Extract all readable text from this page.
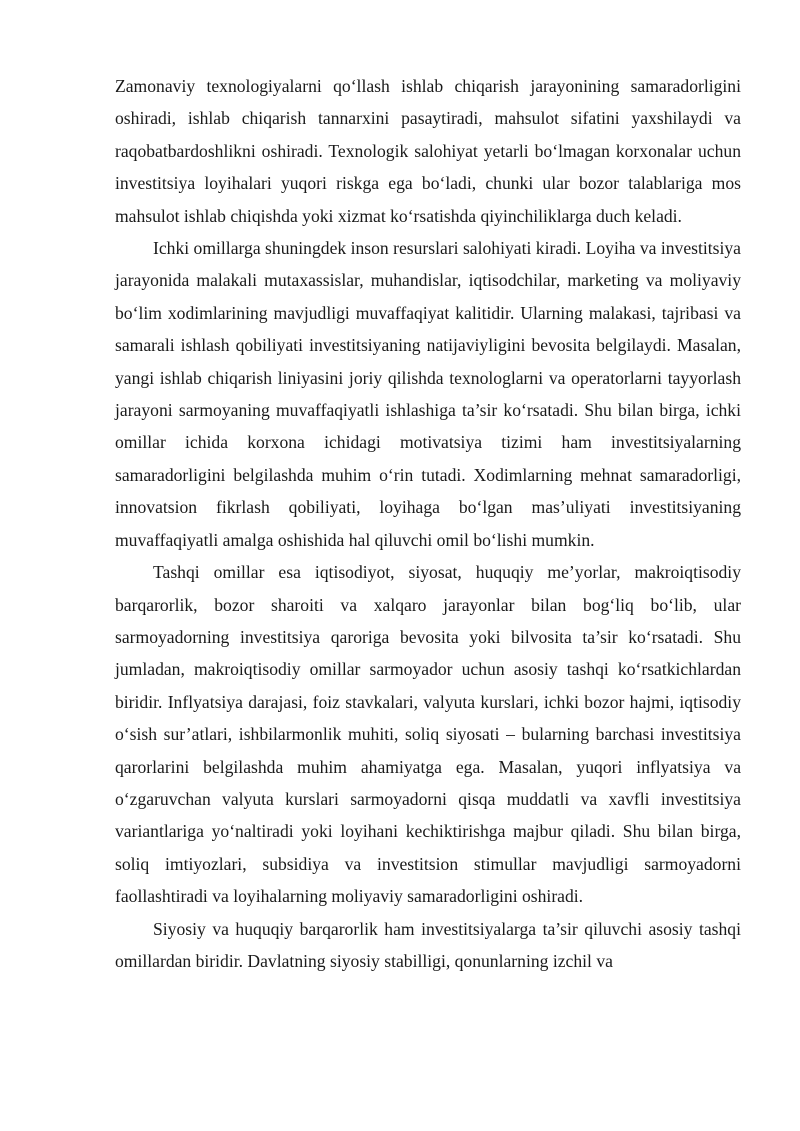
Zamonaviy texnologiyalarni qo‘llash ishlab chiqarish jarayonining samaradorligini oshiradi, ishlab chiqarish tannarxini pasaytiradi, mahsulot sifatini yaxshilaydi va raqobatbardoshlikni oshiradi. Texnologik salohiyat yetarli bo‘lmagan korxonalar uchun investitsiya loyihalari yuqori riskga ega bo‘ladi, chunki ular bozor talablariga mos mahsulot ishlab chiqishda yoki xizmat ko‘rsatishda qiyinchiliklarga duch keladi.

Ichki omillarga shuningdek inson resurslari salohiyati kiradi. Loyiha va investitsiya jarayonida malakali mutaxassislar, muhandislar, iqtisodchilar, marketing va moliyaviy bo‘lim xodimlarining mavjudligi muvaffaqiyat kalitidir. Ularning malakasi, tajribasi va samarali ishlash qobiliyati investitsiyaning natijaviyligini bevosita belgilaydi. Masalan, yangi ishlab chiqarish liniyasini joriy qilishda texnologlarni va operatorlarni tayyorlash jarayoni sarmoyaning muvaffaqiyatli ishlashiga ta’sir ko‘rsatadi. Shu bilan birga, ichki omillar ichida korxona ichidagi motivatsiya tizimi ham investitsiyalarning samaradorligini belgilashda muhim o‘rin tutadi. Xodimlarning mehnat samaradorligi, innovatsion fikrlash qobiliyati, loyihaga bo‘lgan mas’uliyati investitsiyaning muvaffaqiyatli amalga oshishida hal qiluvchi omil bo‘lishi mumkin.

Tashqi omillar esa iqtisodiyot, siyosat, huquqiy me’yorlar, makroiqtisodiy barqarorlik, bozor sharoiti va xalqaro jarayonlar bilan bog‘liq bo‘lib, ular sarmoyadorning investitsiya qaroriga bevosita yoki bilvosita ta’sir ko‘rsatadi. Shu jumladan, makroiqtisodiy omillar sarmoyador uchun asosiy tashqi ko‘rsatkichlardan biridir. Inflyatsiya darajasi, foiz stavkalari, valyuta kurslari, ichki bozor hajmi, iqtisodiy o‘sish sur’atlari, ishbilarmonlik muhiti, soliq siyosati – bularning barchasi investitsiya qarorlarini belgilashda muhim ahamiyatga ega. Masalan, yuqori inflyatsiya va o‘zgaruvchan valyuta kurslari sarmoyadorni qisqa muddatli va xavfli investitsiya variantlariga yo‘naltiradi yoki loyihani kechiktirishga majbur qiladi. Shu bilan birga, soliq imtiyozlari, subsidiya va investitsion stimullar mavjudligi sarmoyadorni faollashtiradi va loyihalarning moliyaviy samaradorligini oshiradi.

Siyosiy va huquqiy barqarorlik ham investitsiyalarga ta’sir qiluvchi asosiy tashqi omillardan biridir. Davlatning siyosiy stabilligi, qonunlarning izchil va
